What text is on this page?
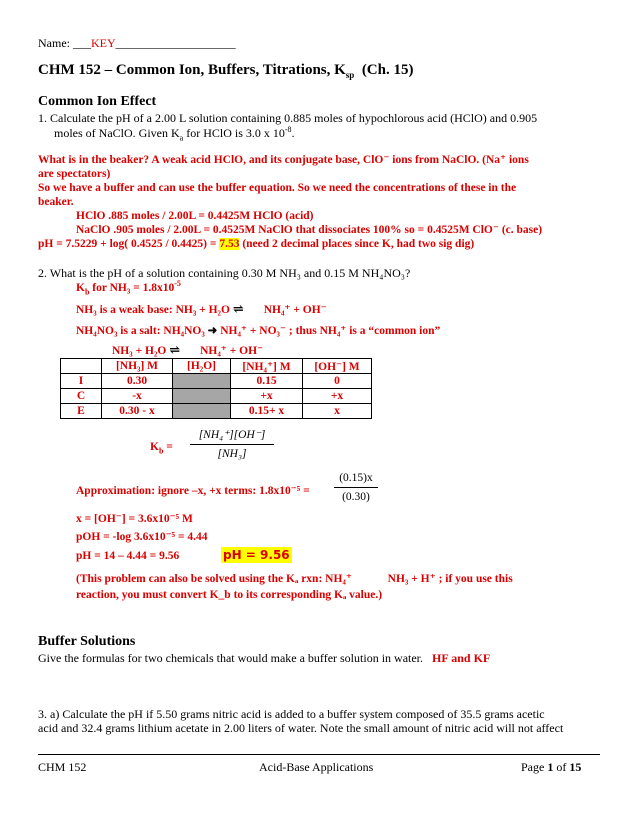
Name: ___KEY____________________
CHM 152 – Common Ion, Buffers, Titrations, $K_{sp}$ (Ch. 15)
Common Ion Effect
1. Calculate the pH of a 2.00 L solution containing 0.885 moles of hypochlorous acid (HClO) and 0.905
moles of NaClO. Given $K_a$ for HClO is 3.0 x $10^{-8}$.
What is in the beaker? A weak acid HClO, and its conjugate base, ClO⁻ ions from NaClO. (Na⁺ ions
are spectators)
So we have a buffer and can use the buffer equation. So we need the concentrations of these in the
beaker.
HClO .885 moles / 2.00L = 0.4425M HClO (acid)
NaClO .905 moles / 2.00L = 0.4525M NaClO that dissociates 100% so = 0.4525M ClO⁻ (c. base)
pH = 7.5229 + log( 0.4525 / 0.4425) = 7.53 (need 2 decimal places since K, had two sig dig)
2. What is the pH of a solution containing 0.30 M NH₃ and 0.15 M NH₄NO₃?
$K_b$ for $NH_3 = 1.8x10^{-5}$
NH₃ is a weak base: NH₃ + H₂O ⇌ NH₄⁺ + OH⁻
NH₄NO₃ is a salt: NH₄NO₃ ➜ NH₄⁺ + NO₃⁻ ; thus NH₄⁺ is a “common ion”
NH₃ + H₂O ⇌ NH₄⁺ + OH⁻
	[NH₃] M	[H₂O]	[NH₄⁺] M	[OH⁻] M
I	0.30		0.15	0
C	-x		+x	+x
E	0.30 - x		0.15+ x	x
$K_b$ =
[NH₄⁺][OH⁻]
[NH₃]
Approximation: ignore –x, +x terms: 1.8x10⁻⁵ =
(0.15)x
(0.30)
x = [OH⁻] = 3.6x10⁻⁵ M
pOH = -log 3.6x10⁻⁵ = 4.44
pH = 14 – 4.44 = 9.56	pH = 9.56
(This problem can also be solved using the Kₐ rxn: NH₄⁺	NH₃ + H⁺ ; if you use this
reaction, you must convert K_b to its corresponding Kₐ value.)
Buffer Solutions
Give the formulas for two chemicals that would make a buffer solution in water. HF and KF
3. a) Calculate the pH if 5.50 grams nitric acid is added to a buffer system composed of 35.5 grams acetic
acid and 32.4 grams lithium acetate in 2.00 liters of water. Note the small amount of nitric acid will not affect
CHM 152	Acid-Base Applications	Page 1 of 15
